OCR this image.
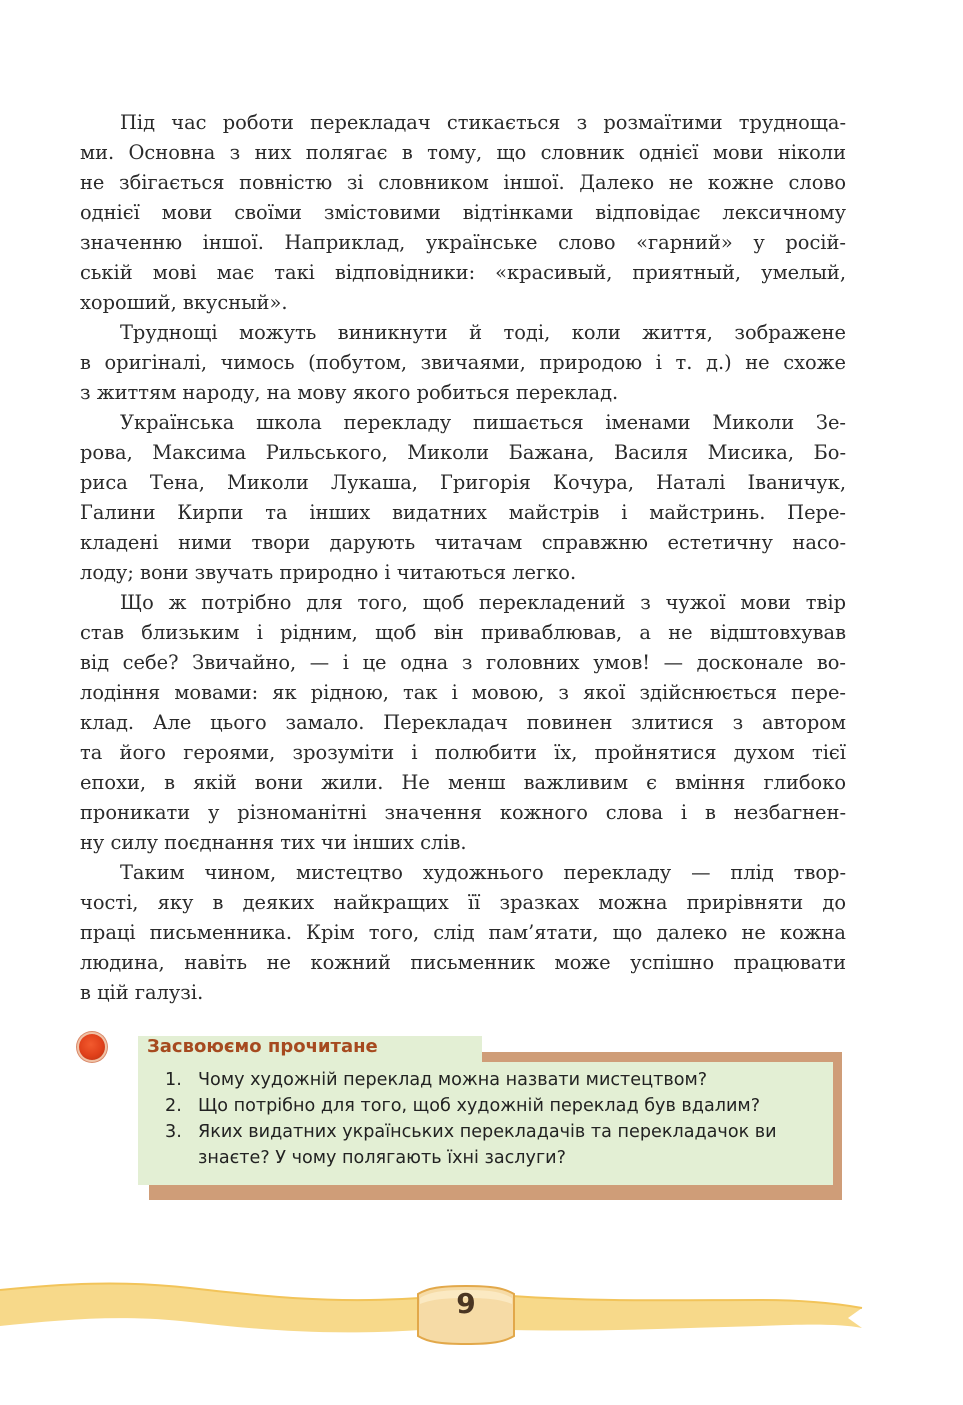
Під час роботи перекладач стикається з розмаїтими трудноща-
ми. Основна з них полягає в тому, що словник однієї мови ніколи
не збігається повністю зі словником іншої. Далеко не кожне слово
однієї мови своїми змістовими відтінками відповідає лексичному
значенню іншої. Наприклад, українське слово «гарний» у росій-
ській мові має такі відповідники: «красивый, приятный, умелый,
хороший, вкусный».
Труднощі можуть виникнути й тоді, коли життя, зображене
в оригіналі, чимось (побутом, звичаями, природою і т. д.) не схоже
з життям народу, на мову якого робиться переклад.
Українська школа перекладу пишається іменами Миколи Зе-
рова, Максима Рильського, Миколи Бажана, Василя Мисика, Бо-
риса Тена, Миколи Лукаша, Григорія Кочура, Наталі Іваничук,
Галини Кирпи та інших видатних майстрів і майстринь. Пере-
кладені ними твори дарують читачам справжню естетичну насо-
лоду; вони звучать природно і читаються легко.
Що ж потрібно для того, щоб перекладений з чужої мови твір
став близьким і рідним, щоб він приваблював, а не відштовхував
від себе? Звичайно, — і це одна з головних умов! — досконале во-
лодіння мовами: як рідною, так і мовою, з якої здійснюється пере-
клад. Але цього замало. Перекладач повинен злитися з автором
та його героями, зрозуміти і полюбити їх, пройнятися духом тієї
епохи, в якій вони жили. Не менш важливим є вміння глибоко
проникати у різноманітні значення кожного слова і в незбагнен-
ну силу поєднання тих чи інших слів.
Таким чином, мистецтво художнього перекладу — плід твор-
чості, яку в деяких найкращих її зразках можна прирівняти до
праці письменника. Крім того, слід пам’ятати, що далеко не кожна
людина, навіть не кожний письменник може успішно працювати
в цій галузі.
Засвоюємо прочитане
1. Чому художній переклад можна назвати мистецтвом?
2. Що потрібно для того, щоб художній переклад був вдалим?
3. Яких видатних українських перекладачів та перекладачок ви
знаєте? У чому полягають їхні заслуги?
9
